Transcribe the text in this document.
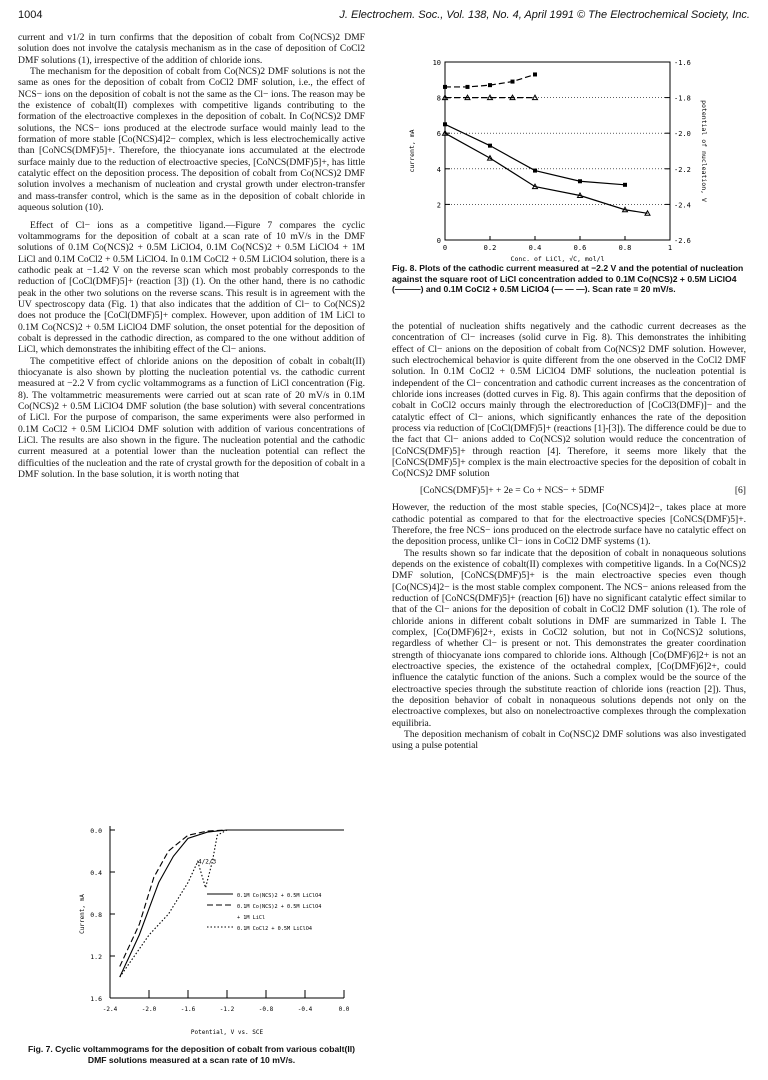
1004	J. Electrochem. Soc., Vol. 138, No. 4, April 1991 © The Electrochemical Society, Inc.

current and v1/2 in turn confirms that the deposition of cobalt from Co(NCS)2 DMF solution does not involve the catalysis mechanism as in the case of deposition of CoCl2 DMF solutions (1), irrespective of the addition of chloride ions.

The mechanism for the deposition of cobalt from Co(NCS)2 DMF solutions is not the same as ones for the deposition of cobalt from CoCl2 DMF solution, i.e., the effect of NCS− ions on the deposition of cobalt is not the same as the Cl− ions. The reason may be the existence of cobalt(II) complexes with competitive ligands contributing to the formation of the electroactive complexes in the deposition of cobalt. In Co(NCS)2 DMF solutions, the NCS− ions produced at the electrode surface would mainly lead to the formation of more stable [Co(NCS)4]2− complex, which is less electrochemically active than [CoNCS(DMF)5]+. Therefore, the thiocyanate ions accumulated at the electrode surface mainly due to the reduction of electroactive species, [CoNCS(DMF)5]+, has little catalytic effect on the deposition process. The deposition of cobalt from Co(NCS)2 DMF solution involves a mechanism of nucleation and crystal growth under electron-transfer and mass-transfer control, which is the same as in the deposition of cobalt chloride in aqueous solution (10).

Effect of Cl− ions as a competitive ligand.—Figure 7 compares the cyclic voltammograms for the deposition of cobalt at a scan rate of 10 mV/s in the DMF solutions of 0.1M Co(NCS)2 + 0.5M LiClO4, 0.1M Co(NCS)2 + 0.5M LiClO4 + 1M LiCl and 0.1M CoCl2 + 0.5M LiClO4. In 0.1M CoCl2 + 0.5M LiClO4 solution, there is a cathodic peak at −1.42 V on the reverse scan which most probably corresponds to the reduction of [CoCl(DMF)5]+ (reaction [3]) (1). On the other hand, there is no cathodic peak in the other two solutions on the reverse scans. This result is in agreement with the UV spectroscopy data (Fig. 1) that also indicates that the addition of Cl− to Co(NCS)2 does not produce the [CoCl(DMF)5]+ complex. However, upon addition of 1M LiCl to 0.1M Co(NCS)2 + 0.5M LiClO4 DMF solution, the onset potential for the deposition of cobalt is depressed in the cathodic direction, as compared to the one without addition of LiCl, which demonstrates the inhibiting effect of the Cl− anions.

The competitive effect of chloride anions on the deposition of cobalt in cobalt(II) thiocyanate is also shown by plotting the nucleation potential vs. the cathodic current measured at −2.2 V from cyclic voltammograms as a function of LiCl concentration (Fig. 8). The voltammetric measurements were carried out at scan rate of 20 mV/s in 0.1M Co(NCS)2 + 0.5M LiClO4 DMF solution (the base solution) with several concentrations of LiCl. For the purpose of comparison, the same experiments were also performed in 0.1M CoCl2 + 0.5M LiClO4 DMF solution with addition of various concentrations of LiCl. The results are also shown in the figure. The nucleation potential and the cathodic current measured at a potential lower than the nucleation potential can reflect the difficulties of the nucleation and the rate of crystal growth for the deposition of cobalt in a DMF solution. In the base solution, it is worth noting that

0
2
4
6
8
10	-1.6
-1.8
-2.0
-2.2
-2.4
-2.6
0	0.2	0.4	0.6	0.8	1
Conc. of LiCl, √C, mol/l
current, mA	potential of nucleation, V
Fig. 8. Plots of the cathodic current measured at −2.2 V and the potential of nucleation against the square root of LiCl concentration added to 0.1M Co(NCS)2 + 0.5M LiClO4 (———) and 0.1M CoCl2 + 0.5M LiClO4 (— — —). Scan rate = 20 mV/s.
0.0
0.4
0.8
1.2
1.6
-2.4	-2.0	-1.6	-1.2	-0.8	-0.4	0.0
Potential, V vs. SCE
Current, mA
4/2/3
0.1M Co(NCS)2 + 0.5M LiClO4
0.1M Co(NCS)2 + 0.5M LiClO4
+ 1M LiCl
0.1M CoCl2 + 0.5M LiClO4
Fig. 7. Cyclic voltammograms for the deposition of cobalt from various cobalt(II) DMF solutions measured at a scan rate of 10 mV/s.

the potential of nucleation shifts negatively and the cathodic current decreases as the concentration of Cl− increases (solid curve in Fig. 8). This demonstrates the inhibiting effect of Cl− anions on the deposition of cobalt from Co(NCS)2 DMF solution. However, such electrochemical behavior is quite different from the one observed in the CoCl2 DMF solution. In 0.1M CoCl2 + 0.5M LiClO4 DMF solutions, the nucleation potential is independent of the Cl− concentration and cathodic current increases as the concentration of chloride ions increases (dotted curves in Fig. 8). This again confirms that the deposition of cobalt in CoCl2 occurs mainly through the electroreduction of [CoCl3(DMF)]− and the catalytic effect of Cl− anions, which significantly enhances the rate of the deposition process via reduction of [CoCl(DMF)5]+ (reactions [1]-[3]). The difference could be due to the fact that Cl− anions added to Co(NCS)2 solution would reduce the concentration of [CoNCS(DMF)5]+ through reaction [4]. Therefore, it seems more likely that the [CoNCS(DMF)5]+ complex is the main electroactive species for the deposition of cobalt in Co(NCS)2 DMF solution

[CoNCS(DMF)5]+ + 2e = Co + NCS− + 5DMF	[6]

However, the reduction of the most stable species, [Co(NCS)4]2−, takes place at more cathodic potential as compared to that for the electroactive species [CoNCS(DMF)5]+. Therefore, the free NCS− ions produced on the electrode surface have no catalytic effect on the deposition process, unlike Cl− ions in CoCl2 DMF systems (1).

The results shown so far indicate that the deposition of cobalt in nonaqueous solutions depends on the existence of cobalt(II) complexes with competitive ligands. In a Co(NCS)2 DMF solution, [CoNCS(DMF)5]+ is the main electroactive species even though [Co(NCS)4]2− is the most stable complex component. The NCS− anions released from the reduction of [CoNCS(DMF)5]+ (reaction [6]) have no significant catalytic effect similar to that of the Cl− anions for the deposition of cobalt in CoCl2 DMF solution (1). The role of chloride anions in different cobalt solutions in DMF are summarized in Table I. The complex, [Co(DMF)6]2+, exists in CoCl2 solution, but not in Co(NCS)2 solutions, regardless of whether Cl− is present or not. This demonstrates the greater coordination strength of thiocyanate ions compared to chloride ions. Although [Co(DMF)6]2+ is not an electroactive species, the existence of the octahedral complex, [Co(DMF)6]2+, could influence the catalytic function of the anions. Such a complex would be the source of the electroactive species through the substitute reaction of chloride ions (reaction [2]). Thus, the deposition behavior of cobalt in nonaqueous solutions depends not only on the electroactive complexes, but also on nonelectroactive complexes through the complexation equilibria.

The deposition mechanism of cobalt in Co(NSC)2 DMF solutions was also investigated using a pulse potential
